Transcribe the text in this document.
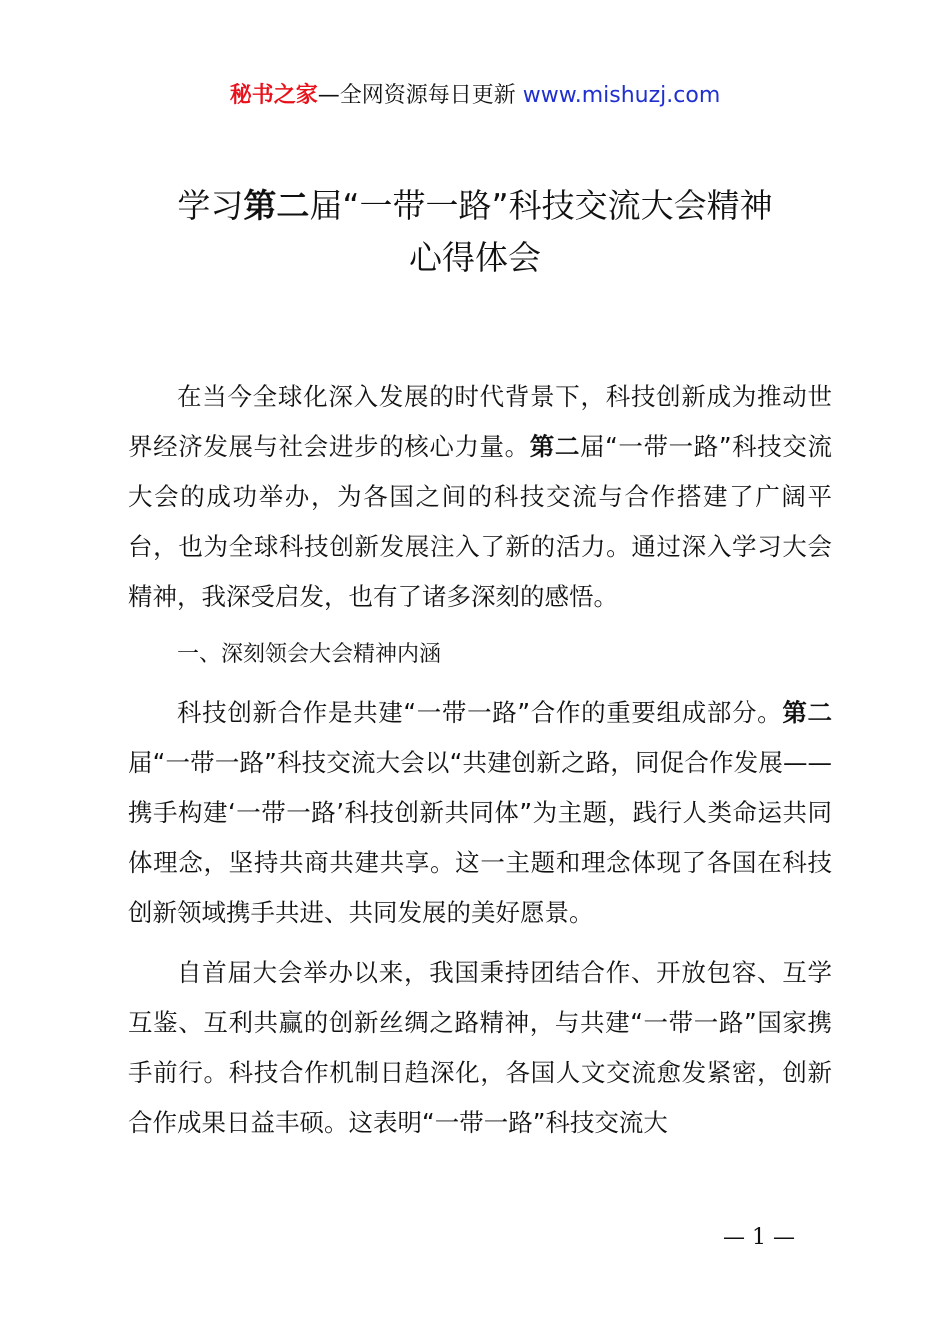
秘书之家—全网资源每日更新 www.mishuzj.com
学习第二届“一带一路”科技交流大会精神
心得体会

在当今全球化深入发展的时代背景下，科技创新成为推动世界经济发展与社会进步的核心力量。第二届“一带一路”科技交流大会的成功举办，为各国之间的科技交流与合作搭建了广阔平台，也为全球科技创新发展注入了新的活力。通过深入学习大会精神，我深受启发，也有了诸多深刻的感悟。

一、深刻领会大会精神内涵

科技创新合作是共建“一带一路”合作的重要组成部分。第二届“一带一路”科技交流大会以“共建创新之路，同促合作发展——携手构建‘一带一路’科技创新共同体”为主题，践行人类命运共同体理念，坚持共商共建共享。这一主题和理念体现了各国在科技创新领域携手共进、共同发展的美好愿景。

自首届大会举办以来，我国秉持团结合作、开放包容、互学互鉴、互利共赢的创新丝绸之路精神，与共建“一带一路”国家携手前行。科技合作机制日趋深化，各国人文交流愈发紧密，创新合作成果日益丰硕。这表明“一带一路”科技交流大

— 1 —
